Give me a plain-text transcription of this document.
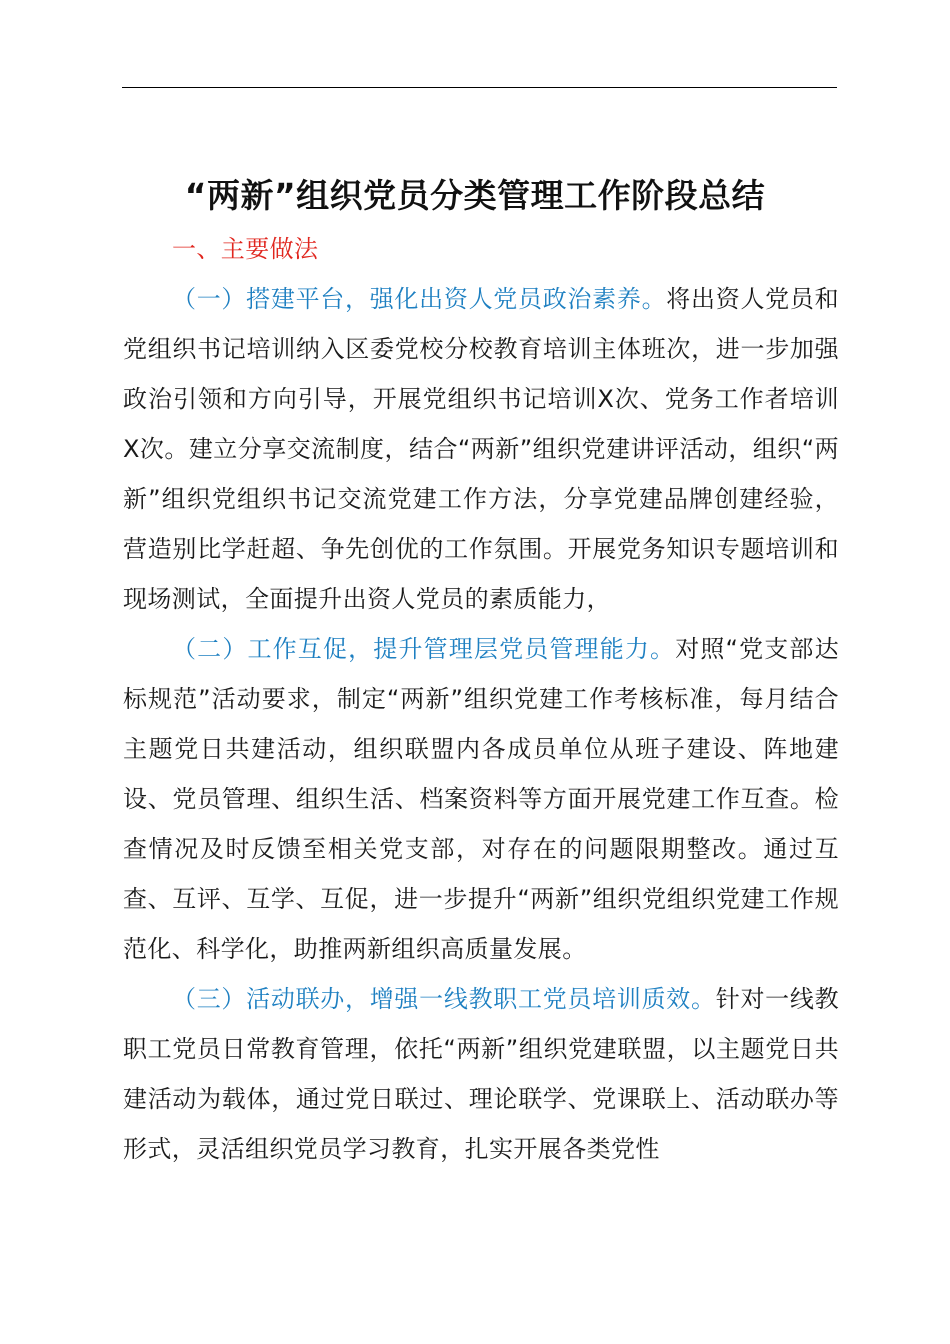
“两新”组织党员分类管理工作阶段总结

一、主要做法

（一）搭建平台，强化出资人党员政治素养。将出资人党员和党组织书记培训纳入区委党校分校教育培训主体班次，进一步加强政治引领和方向引导，开展党组织书记培训X次、党务工作者培训X次。建立分享交流制度，结合“两新”组织党建讲评活动，组织“两新”组织党组织书记交流党建工作方法，分享党建品牌创建经验，营造别比学赶超、争先创优的工作氛围。开展党务知识专题培训和现场测试，全面提升出资人党员的素质能力，

（二）工作互促，提升管理层党员管理能力。对照“党支部达标规范”活动要求，制定“两新”组织党建工作考核标准，每月结合主题党日共建活动，组织联盟内各成员单位从班子建设、阵地建设、党员管理、组织生活、档案资料等方面开展党建工作互查。检查情况及时反馈至相关党支部，对存在的问题限期整改。通过互查、互评、互学、互促，进一步提升“两新”组织党组织党建工作规范化、科学化，助推两新组织高质量发展。

（三）活动联办，增强一线教职工党员培训质效。针对一线教职工党员日常教育管理，依托“两新”组织党建联盟，以主题党日共建活动为载体，通过党日联过、理论联学、党课联上、活动联办等形式，灵活组织党员学习教育，扎实开展各类党性
